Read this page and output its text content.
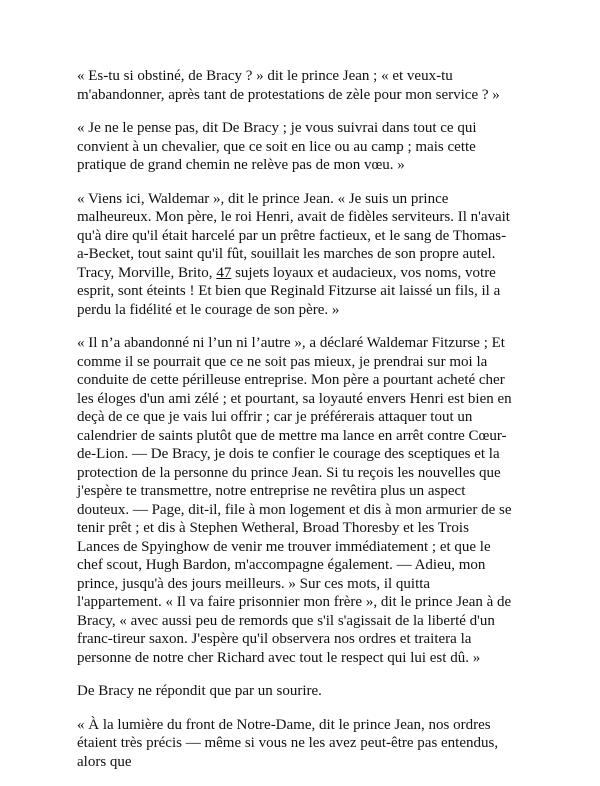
« Es-tu si obstiné, de Bracy ? » dit le prince Jean ; « et veux-tu m'abandonner, après tant de protestations de zèle pour mon service ? »

« Je ne le pense pas, dit De Bracy ; je vous suivrai dans tout ce qui convient à un chevalier, que ce soit en lice ou au camp ; mais cette pratique de grand chemin ne relève pas de mon vœu. »

« Viens ici, Waldemar », dit le prince Jean. « Je suis un prince malheureux. Mon père, le roi Henri, avait de fidèles serviteurs. Il n'avait qu'à dire qu'il était harcelé par un prêtre factieux, et le sang de Thomas-a-Becket, tout saint qu'il fût, souillait les marches de son propre autel. Tracy, Morville, Brito, 47 sujets loyaux et audacieux, vos noms, votre esprit, sont éteints ! Et bien que Reginald Fitzurse ait laissé un fils, il a perdu la fidélité et le courage de son père. »

« Il n’a abandonné ni l’un ni l’autre », a déclaré Waldemar Fitzurse ; Et comme il se pourrait que ce ne soit pas mieux, je prendrai sur moi la conduite de cette périlleuse entreprise. Mon père a pourtant acheté cher les éloges d'un ami zélé ; et pourtant, sa loyauté envers Henri est bien en deçà de ce que je vais lui offrir ; car je préférerais attaquer tout un calendrier de saints plutôt que de mettre ma lance en arrêt contre Cœur-de-Lion. — De Bracy, je dois te confier le courage des sceptiques et la protection de la personne du prince Jean. Si tu reçois les nouvelles que j'espère te transmettre, notre entreprise ne revêtira plus un aspect douteux. — Page, dit-il, file à mon logement et dis à mon armurier de se tenir prêt ; et dis à Stephen Wetheral, Broad Thoresby et les Trois Lances de Spyinghow de venir me trouver immédiatement ; et que le chef scout, Hugh Bardon, m'accompagne également. — Adieu, mon prince, jusqu'à des jours meilleurs. » Sur ces mots, il quitta l'appartement. « Il va faire prisonnier mon frère », dit le prince Jean à de Bracy, « avec aussi peu de remords que s'il s'agissait de la liberté d'un franc-tireur saxon. J'espère qu'il observera nos ordres et traitera la personne de notre cher Richard avec tout le respect qui lui est dû. »

De Bracy ne répondit que par un sourire.

« À la lumière du front de Notre-Dame, dit le prince Jean, nos ordres étaient très précis — même si vous ne les avez peut-être pas entendus, alors que
